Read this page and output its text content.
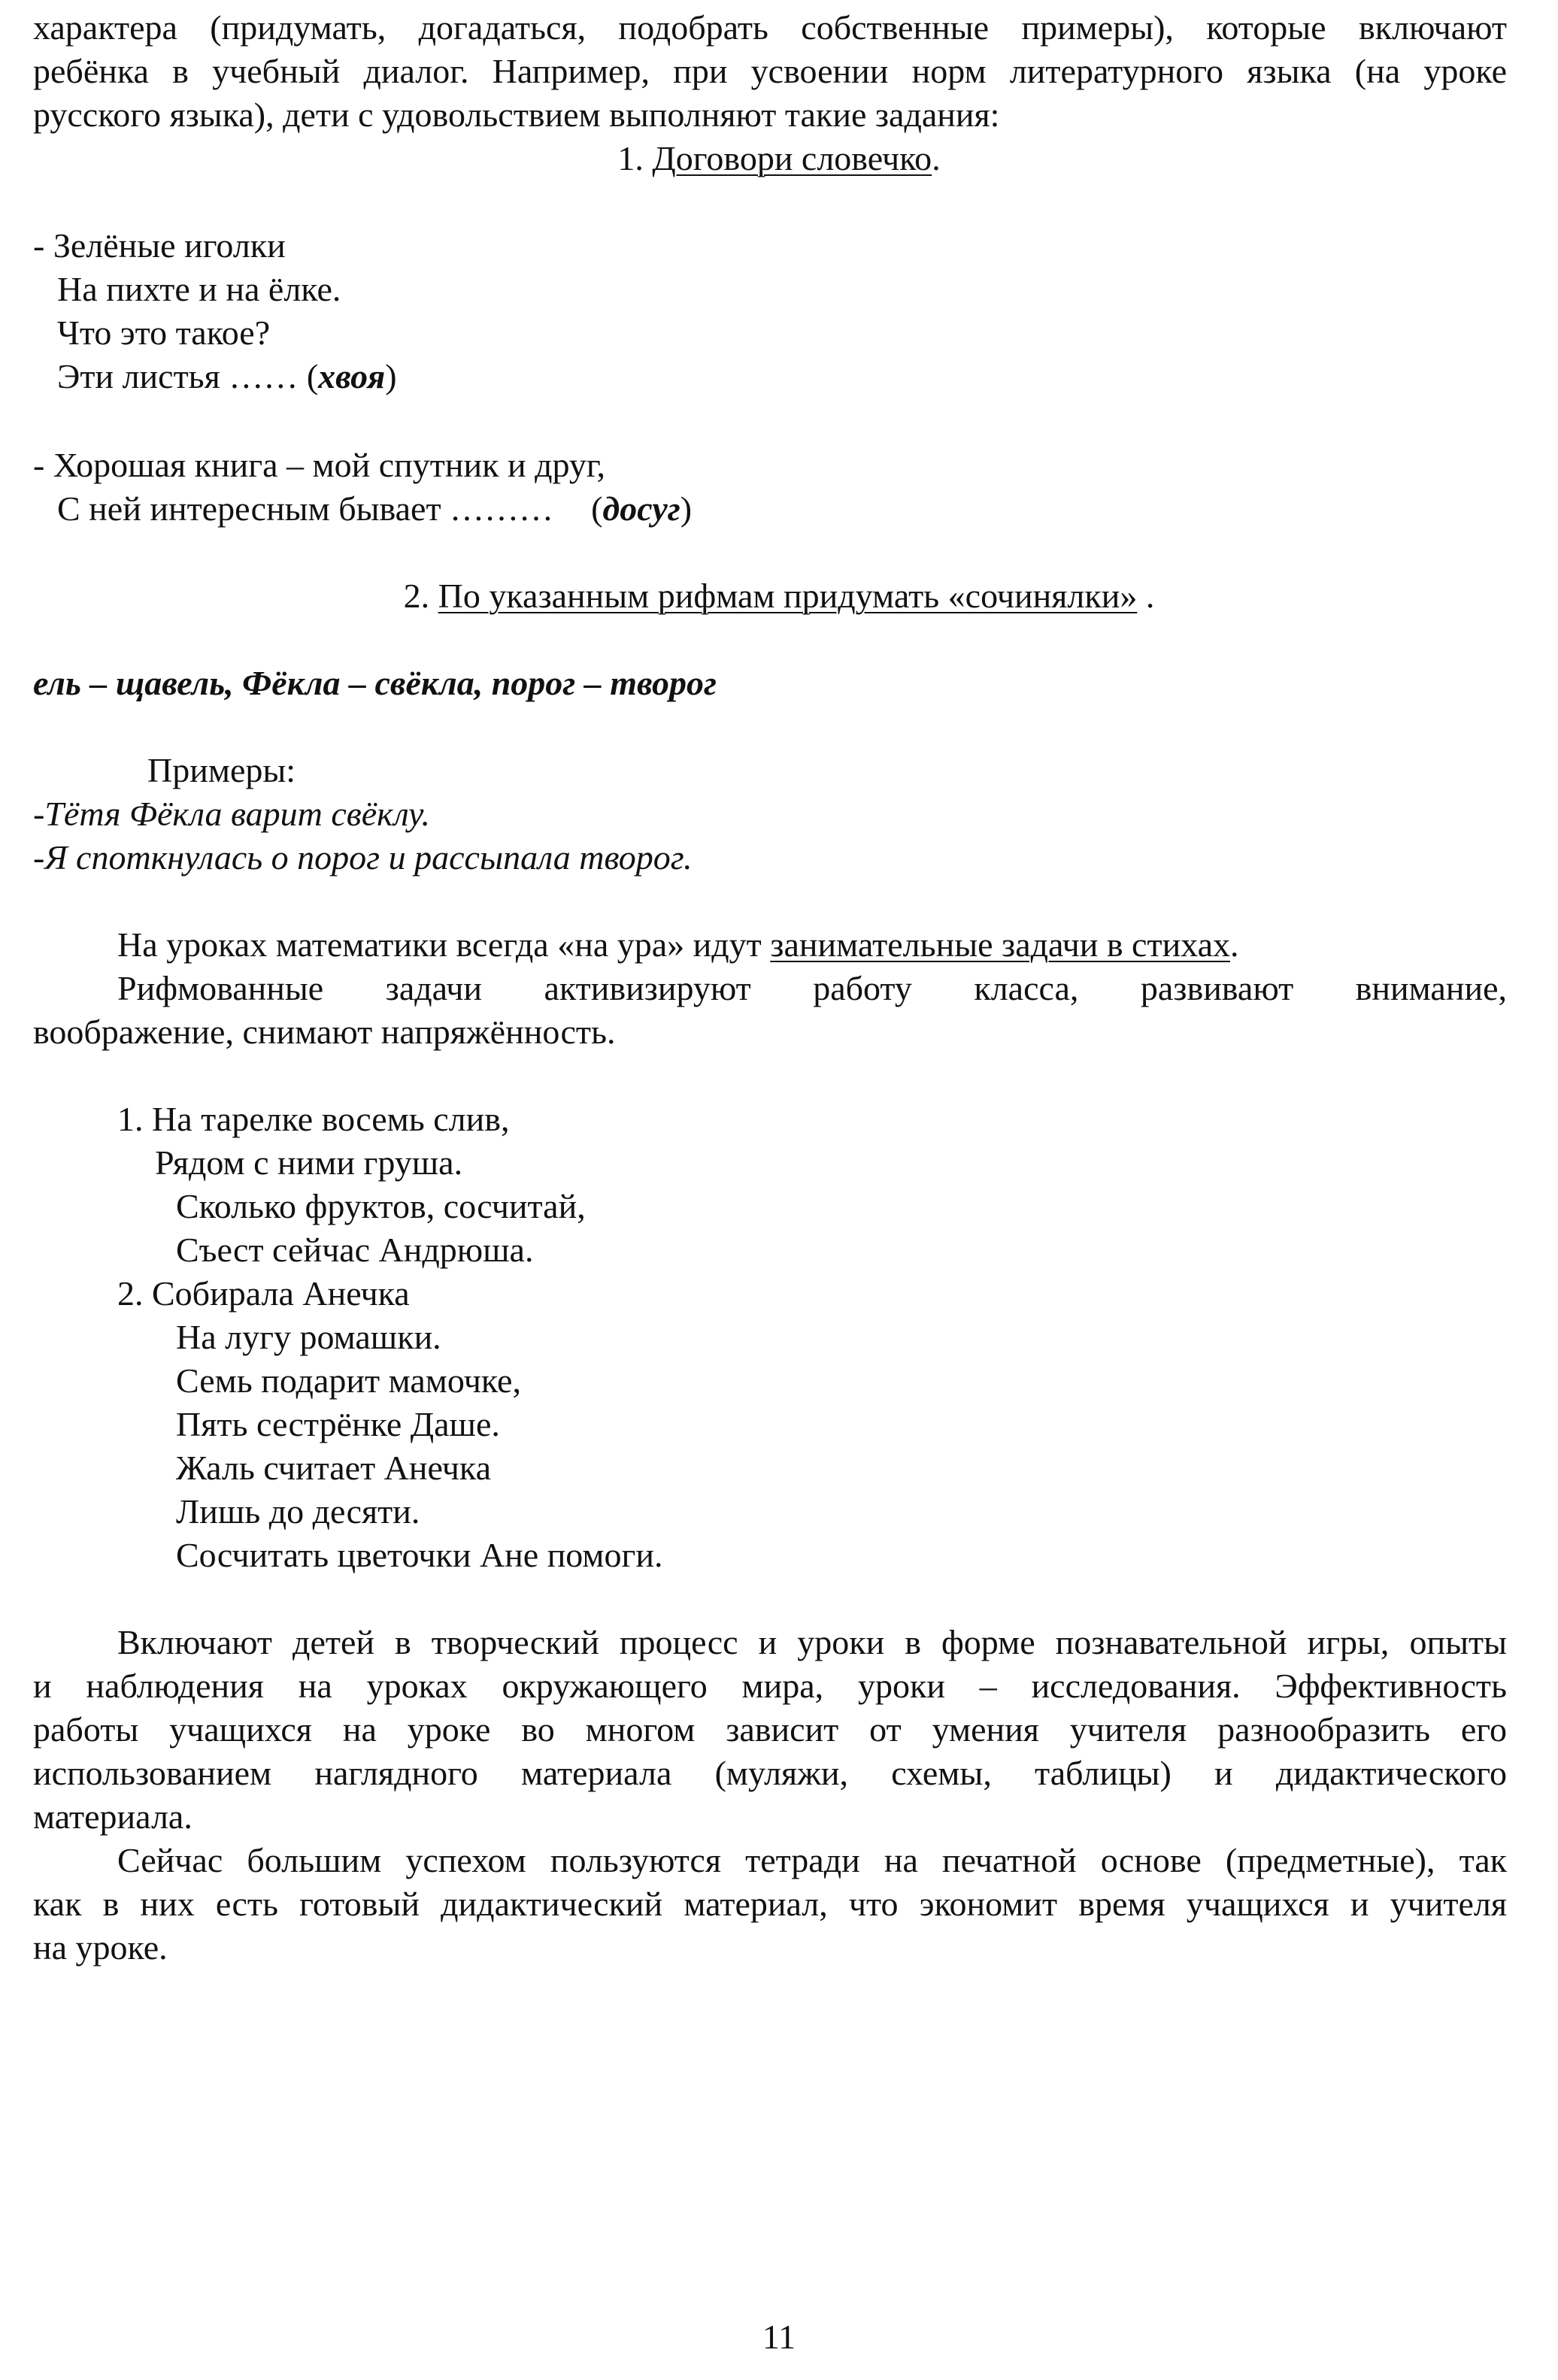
характера (придумать, догадаться, подобрать собственные примеры), которые включают
ребёнка в учебный диалог. Например, при усвоении норм литературного языка (на уроке
русского языка), дети с удовольствием выполняют такие задания:
1. Договори словечко.
- Зелёные иголки
На пихте и на ёлке.
Что это такое?
Эти листья …… (хвоя)
- Хорошая книга – мой спутник и друг,
С ней интересным бывает ……… (досуг)
2. По указанным рифмам придумать «сочинялки» .
ель – щавель, Фёкла – свёкла, порог – творог
Примеры:
-Тётя Фёкла варит свёклу.
-Я споткнулась о порог и рассыпала творог.
На уроках математики всегда «на ура» идут занимательные задачи в стихах.
Рифмованные задачи активизируют работу класса, развивают внимание,
воображение, снимают напряжённость.
1. На тарелке восемь слив,
Рядом с ними груша.
Сколько фруктов, сосчитай,
Съест сейчас Андрюша.
2. Собирала Анечка
На лугу ромашки.
Семь подарит мамочке,
Пять сестрёнке Даше.
Жаль считает Анечка
Лишь до десяти.
Сосчитать цветочки Ане помоги.
Включают детей в творческий процесс и уроки в форме познавательной игры, опыты
и наблюдения на уроках окружающего мира, уроки – исследования. Эффективность
работы учащихся на уроке во многом зависит от умения учителя разнообразить его
использованием наглядного материала (муляжи, схемы, таблицы) и дидактического
материала.
Сейчас большим успехом пользуются тетради на печатной основе (предметные), так
как в них есть готовый дидактический материал, что экономит время учащихся и учителя
на уроке.
11
